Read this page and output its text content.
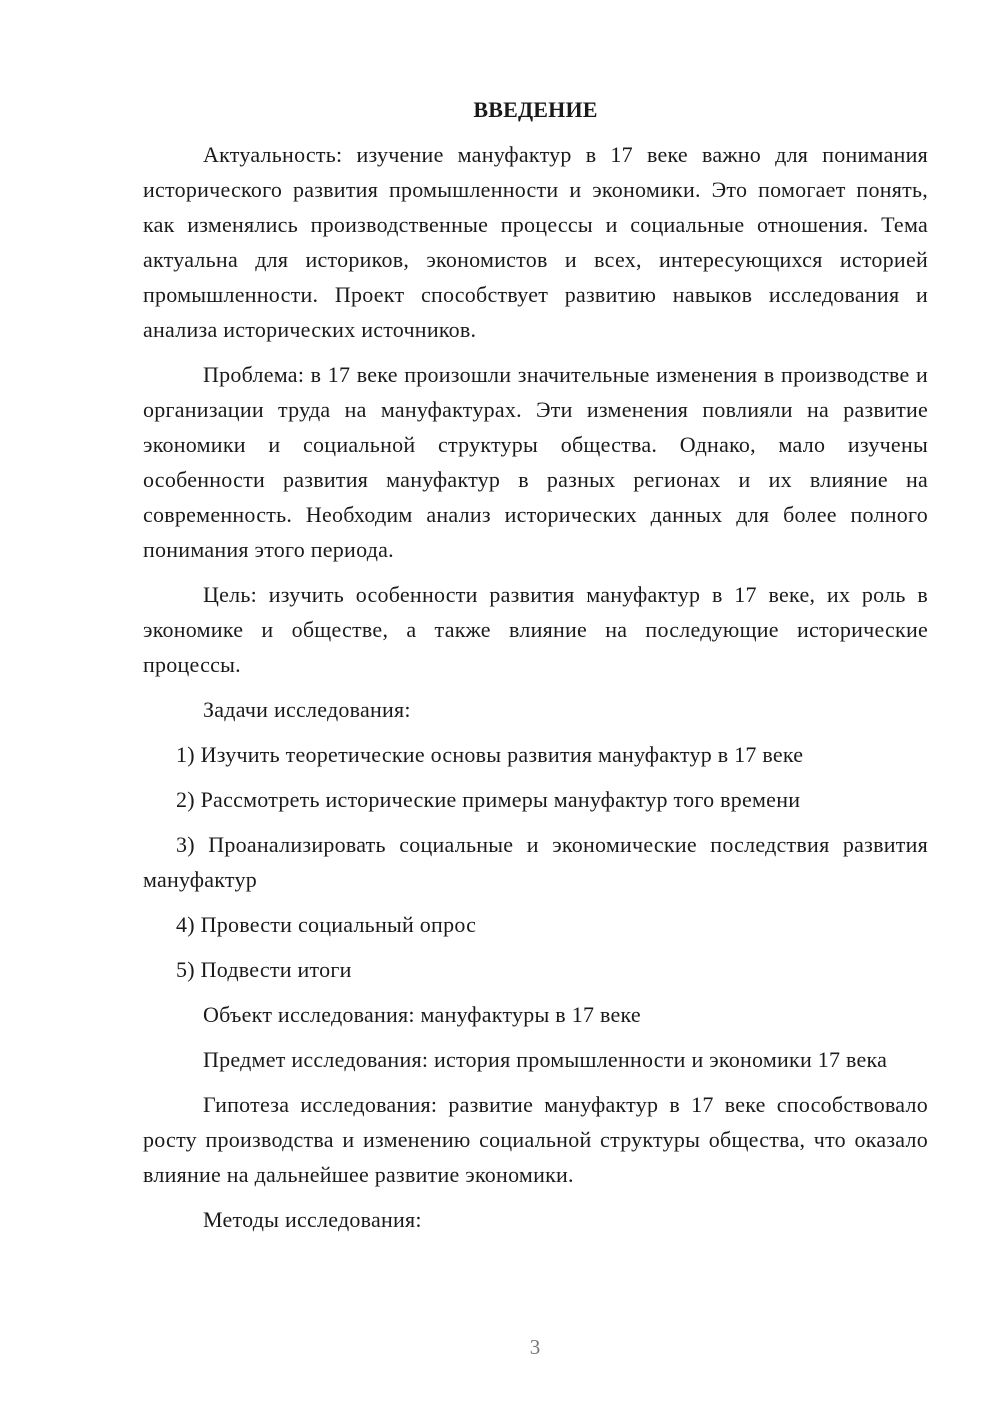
ВВЕДЕНИЕ

Актуальность: изучение мануфактур в 17 веке важно для понимания исторического развития промышленности и экономики. Это помогает понять, как изменялись производственные процессы и социальные отношения. Тема актуальна для историков, экономистов и всех, интересующихся историей промышленности. Проект способствует развитию навыков исследования и анализа исторических источников.

Проблема: в 17 веке произошли значительные изменения в производстве и организации труда на мануфактурах. Эти изменения повлияли на развитие экономики и социальной структуры общества. Однако, мало изучены особенности развития мануфактур в разных регионах и их влияние на современность. Необходим анализ исторических данных для более полного понимания этого периода.

Цель: изучить особенности развития мануфактур в 17 веке, их роль в экономике и обществе, а также влияние на последующие исторические процессы.

Задачи исследования:

1) Изучить теоретические основы развития мануфактур в 17 веке

2) Рассмотреть исторические примеры мануфактур того времени

3) Проанализировать социальные и экономические последствия развития мануфактур

4) Провести социальный опрос

5) Подвести итоги

Объект исследования: мануфактуры в 17 веке

Предмет исследования: история промышленности и экономики 17 века

Гипотеза исследования: развитие мануфактур в 17 веке способствовало росту производства и изменению социальной структуры общества, что оказало влияние на дальнейшее развитие экономики.

Методы исследования:

3
